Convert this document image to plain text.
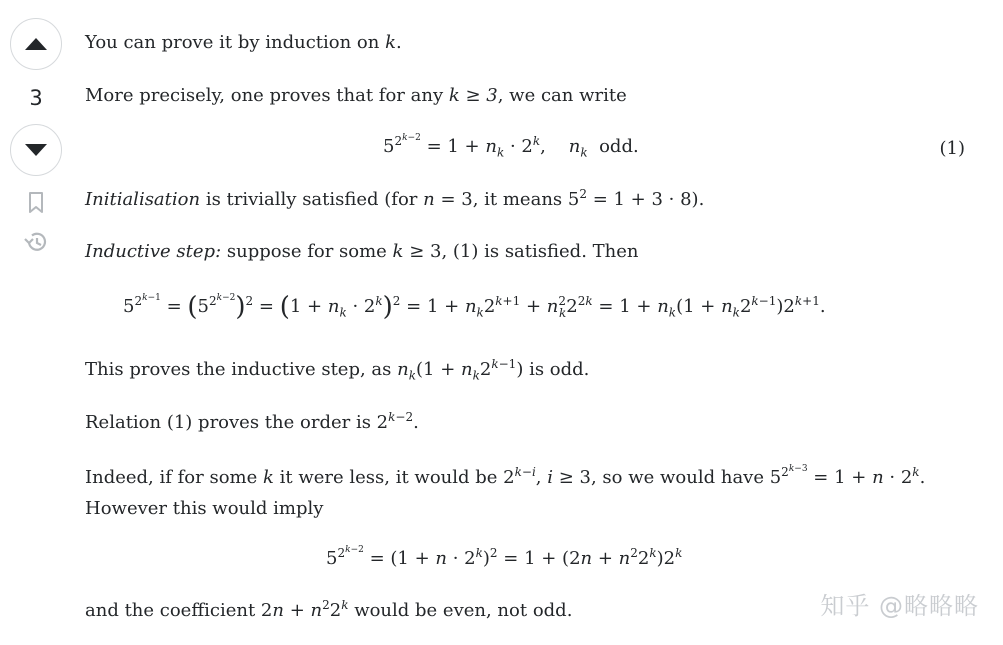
3

You can prove it by induction on k.

More precisely, one proves that for any k ≥ 3, we can write

$5^{2^{k-2}} = 1 + n_k \cdot 2^k$, $n_k$ odd.	(1)

Initialisation is trivially satisfied (for n = 3, it means $5^2 = 1 + 3 \cdot 8$).

Inductive step: suppose for some k ≥ 3, (1) is satisfied. Then

$5^{2^{k-1}} = (5^{2^{k-2}})^2 = (1 + n_k \cdot 2^k)^2 = 1 + n_k2^{k+1} + n^2_k2^{2k} = 1 + n_k(1 + n_k2^{k-1})2^{k+1}$.

This proves the inductive step, as $n_k(1 + n_k2^{k-1})$ is odd.

Relation (1) proves the order is $2^{k-2}$.

Indeed, if for some k it were less, it would be $2^{k-i}$, i ≥ 3, so we would have $5^{2^{k-3}} = 1 + n \cdot 2^k$.

However this would imply

$5^{2^{k-2}} = (1 + n \cdot 2^k)^2 = 1 + (2n + n^22^k)2^k$

and the coefficient $2n + n^22^k$ would be even, not odd.	知乎 @略略略
